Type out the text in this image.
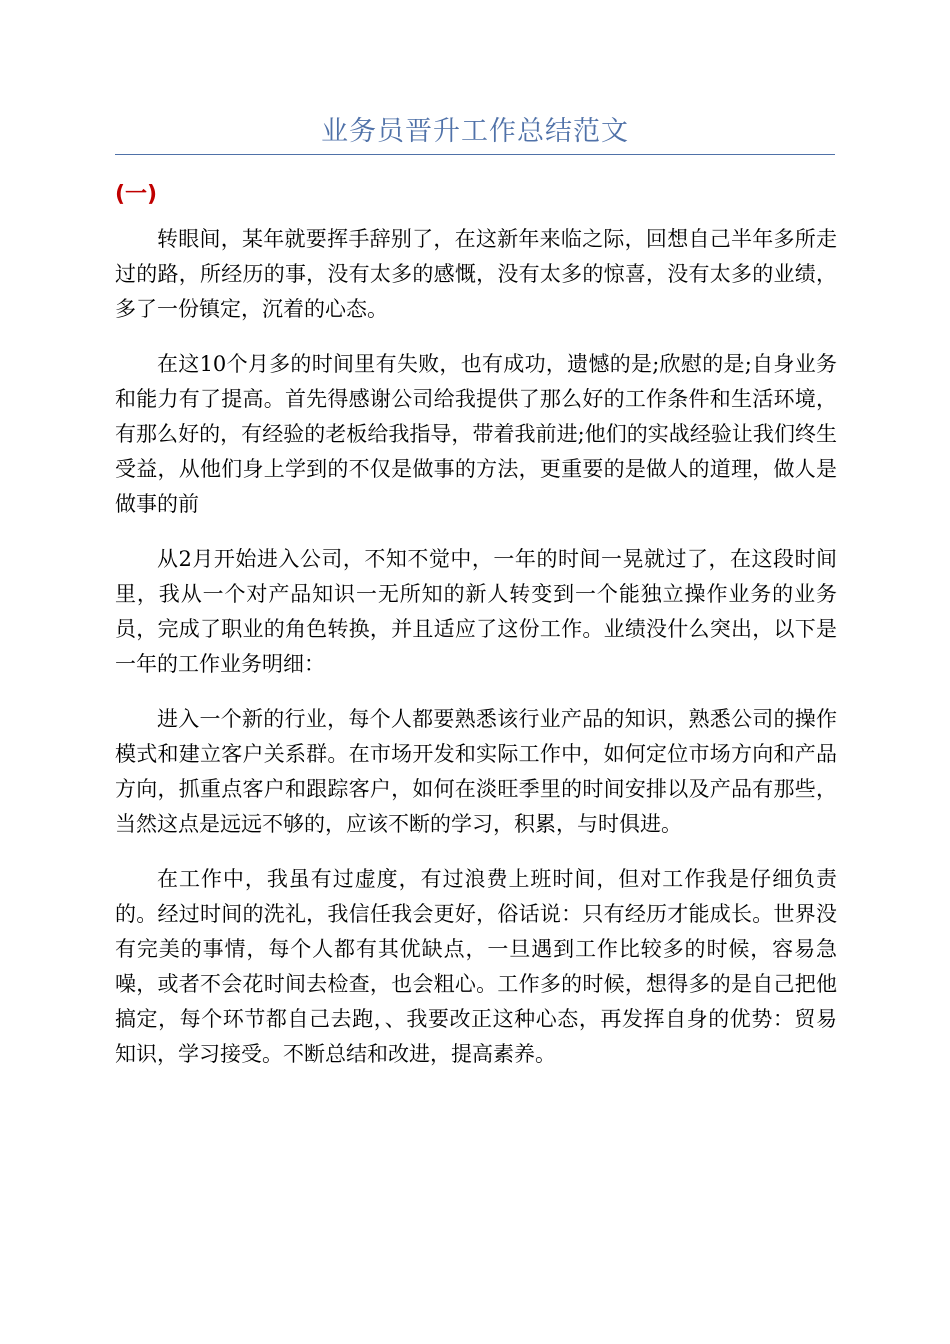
业务员晋升工作总结范文
(一)

转眼间，某年就要挥手辞别了，在这新年来临之际，回想自己半年多所走过的路，所经历的事，没有太多的感慨，没有太多的惊喜，没有太多的业绩，多了一份镇定，沉着的心态。

在这10个月多的时间里有失败，也有成功，遗憾的是;欣慰的是;自身业务和能力有了提高。首先得感谢公司给我提供了那么好的工作条件和生活环境，有那么好的，有经验的老板给我指导，带着我前进;他们的实战经验让我们终生受益，从他们身上学到的不仅是做事的方法，更重要的是做人的道理，做人是做事的前

从2月开始进入公司，不知不觉中，一年的时间一晃就过了，在这段时间里，我从一个对产品知识一无所知的新人转变到一个能独立操作业务的业务员，完成了职业的角色转换，并且适应了这份工作。业绩没什么突出，以下是一年的工作业务明细：

进入一个新的行业，每个人都要熟悉该行业产品的知识，熟悉公司的操作模式和建立客户关系群。在市场开发和实际工作中，如何定位市场方向和产品方向，抓重点客户和跟踪客户，如何在淡旺季里的时间安排以及产品有那些，当然这点是远远不够的，应该不断的学习，积累，与时俱进。

在工作中，我虽有过虚度，有过浪费上班时间，但对工作我是仔细负责的。经过时间的洗礼，我信任我会更好，俗话说：只有经历才能成长。世界没有完美的事情，每个人都有其优缺点，一旦遇到工作比较多的时候，容易急噪，或者不会花时间去检查，也会粗心。工作多的时候，想得多的是自己把他搞定，每个环节都自己去跑，、我要改正这种心态，再发挥自身的优势：贸易知识，学习接受。不断总结和改进，提高素养。
